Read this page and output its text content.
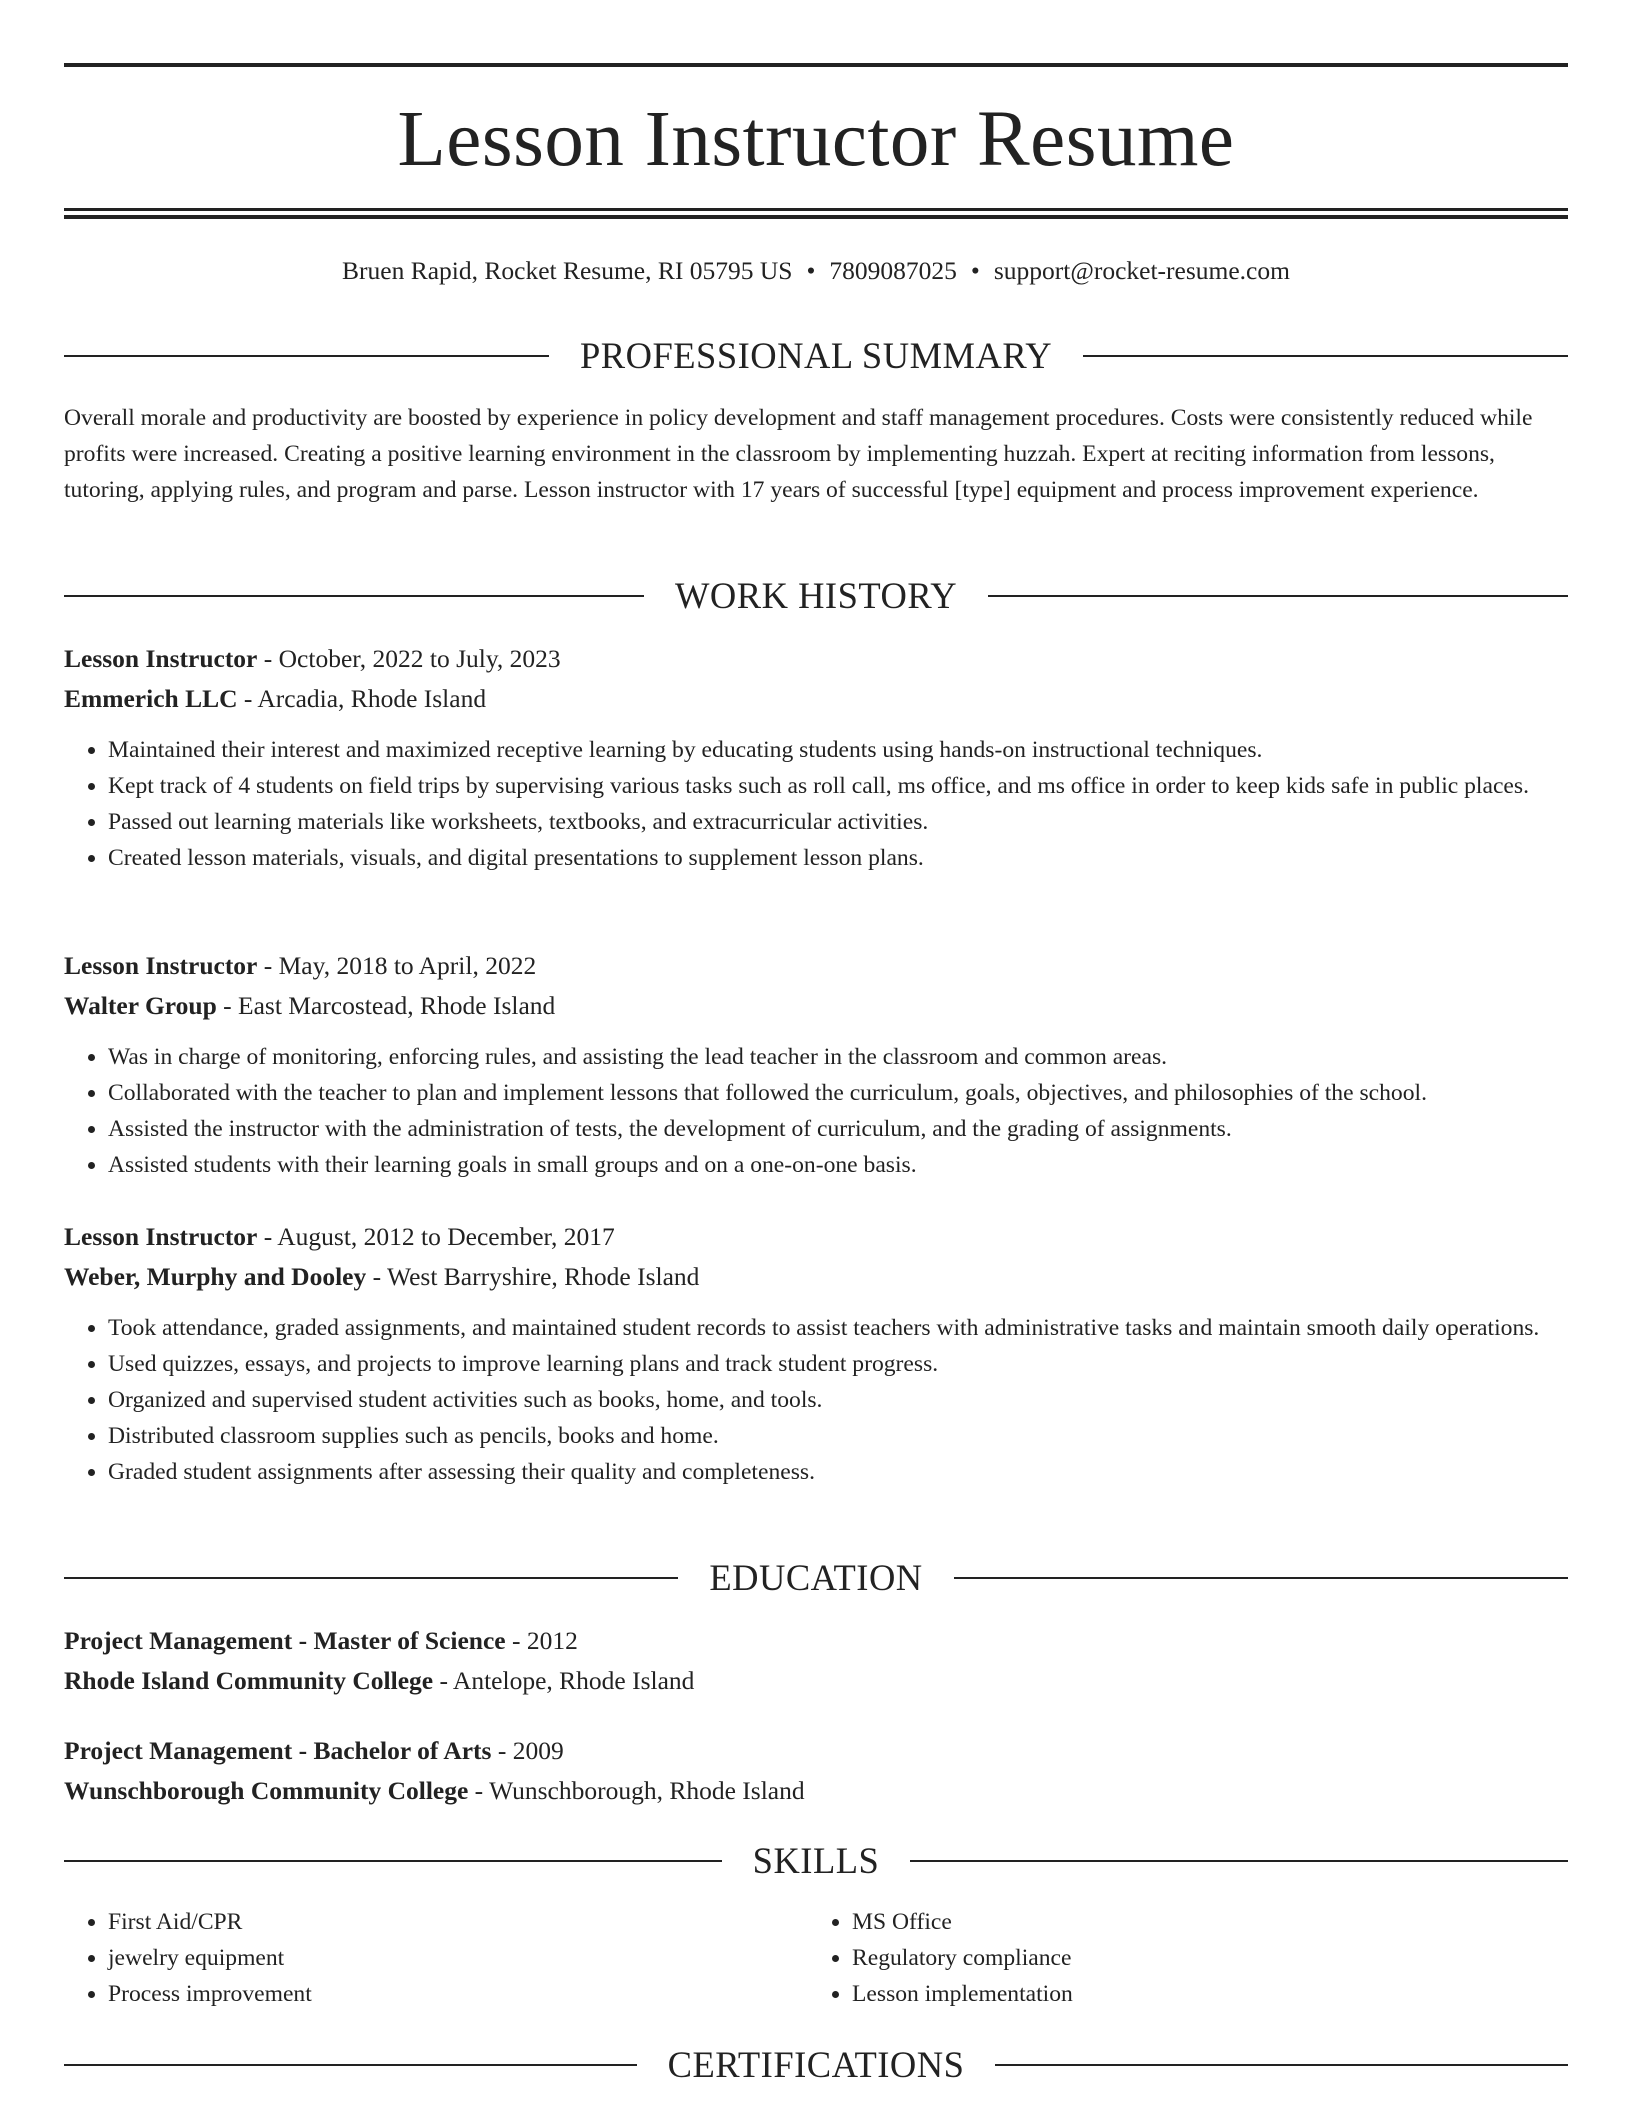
Lesson Instructor Resume
Bruen Rapid, Rocket Resume, RI 05795 US • 7809087025 • support@rocket-resume.com
PROFESSIONAL SUMMARY

Overall morale and productivity are boosted by experience in policy development and staff management procedures. Costs were consistently reduced while profits were increased. Creating a positive learning environment in the classroom by implementing huzzah. Expert at reciting information from lessons, tutoring, applying rules, and program and parse. Lesson instructor with 17 years of successful [type] equipment and process improvement experience.

WORK HISTORY

Lesson Instructor - October, 2022 to July, 2023

Emmerich LLC - Arcadia, Rhode Island

• Maintained their interest and maximized receptive learning by educating students using hands-on instructional techniques.
• Kept track of 4 students on field trips by supervising various tasks such as roll call, ms office, and ms office in order to keep kids safe in public places.
• Passed out learning materials like worksheets, textbooks, and extracurricular activities.
• Created lesson materials, visuals, and digital presentations to supplement lesson plans.

Lesson Instructor - May, 2018 to April, 2022

Walter Group - East Marcostead, Rhode Island

• Was in charge of monitoring, enforcing rules, and assisting the lead teacher in the classroom and common areas.
• Collaborated with the teacher to plan and implement lessons that followed the curriculum, goals, objectives, and philosophies of the school.
• Assisted the instructor with the administration of tests, the development of curriculum, and the grading of assignments.
• Assisted students with their learning goals in small groups and on a one-on-one basis.

Lesson Instructor - August, 2012 to December, 2017

Weber, Murphy and Dooley - West Barryshire, Rhode Island

• Took attendance, graded assignments, and maintained student records to assist teachers with administrative tasks and maintain smooth daily operations.
• Used quizzes, essays, and projects to improve learning plans and track student progress.
• Organized and supervised student activities such as books, home, and tools.
• Distributed classroom supplies such as pencils, books and home.
• Graded student assignments after assessing their quality and completeness.
EDUCATION

Project Management - Master of Science - 2012

Rhode Island Community College - Antelope, Rhode Island

Project Management - Bachelor of Arts - 2009

Wunschborough Community College - Wunschborough, Rhode Island

SKILLS
• First Aid/CPR
• jewelry equipment
• Process improvement
• MS Office
• Regulatory compliance
• Lesson implementation
CERTIFICATIONS
